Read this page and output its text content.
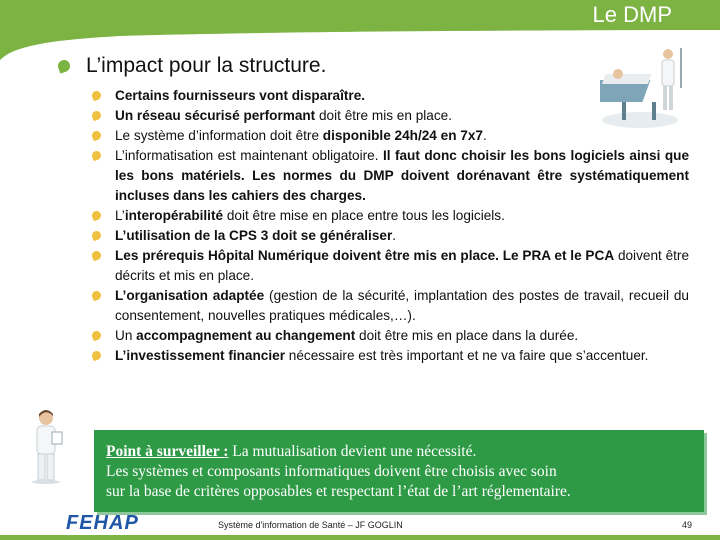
Le DMP
L’impact pour la structure.
Certains fournisseurs vont disparaître.
Un réseau sécurisé performant doit être mis en place.
Le système d’information doit être disponible 24h/24 en 7x7.
L’informatisation est maintenant obligatoire. Il faut donc choisir les bons logiciels ainsi que les bons matériels. Les normes du DMP doivent dorénavant être systématiquement incluses dans les cahiers des charges.
L’interopérabilité doit être mise en place entre tous les logiciels.
L’utilisation de la CPS 3 doit se généraliser.
Les prérequis Hôpital Numérique doivent être mis en place. Le PRA et le PCA doivent être décrits et mis en place.
L’organisation adaptée (gestion de la sécurité, implantation des postes de travail, recueil du consentement, nouvelles pratiques médicales,…).
Un accompagnement au changement doit être mis en place dans la durée.
L’investissement financier nécessaire est très important et ne va faire que s’accentuer.
Point à surveiller : La mutualisation devient une nécessité.
Les systèmes et composants informatiques doivent être choisis avec soin
sur la base de critères opposables et respectant l’état de l’art réglementaire.
FEHAP	Système d'information de Santé – JF GOGLIN	49
